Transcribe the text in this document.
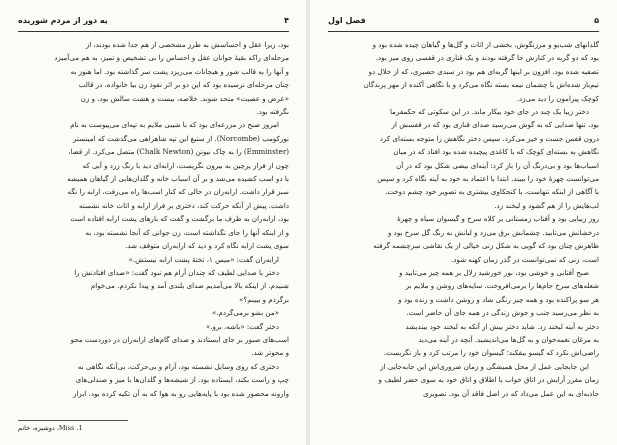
۴
یه دور از مردم شوریده
بود، زیرا عقل و احساسش به طرز مشخصی از هم جدا شده بودند، از
مرحله‌ای راکه بقیهٔ جوانان عقل و احساس را بی تشخیص و تمیز، به هم می‌آمیزد
و آنها را به قالب شور و هیجانات می‌ریزد پشت سر گذاشته بود. اما هنوز به
چنان مرحله‌ای نرسیده بود که این دو بر اثر نفوذ زن بیا خانواده، در قالب
«عرض و عصیت» متحد شوند. خلاصه، بیست و هشت سالش بود، و زن
نگرفته بود.
امروز صبح در مزرعه‌ای بود که با شیبی ملایم به تپه‌ای می‌پیوست به نام
نورکومب (Norcombe). از ستیغ این تپه شاهراهی می‌گذشت که امینستر
(Emminster) را به چاک نیوتن (Chalk Newton) متصل می‌کرد. از قضا،
چون از فراز پرچین به بیرون نگریست، ارابه‌ای دید با رنگ زرد و آبی که
با دو اسب کشیده می‌شد و بر آن اسباب خانه و گلدان‌هایی از گیاهان همیشه
سبز قرار داشت. ارابه‌ران در حالی که کنار اسب‌ها راه می‌رفت، ارابه را نگه
داشت. پیش از آنکه حرکت کند، دختری بر فراز ارابه و اثاث خانه نشسته
بود، ارابه‌ران به طرف ما برگشت و گفت که بارهای پشت ارابه افتاده است
و از اینکه آنها را جای نگذاشته است، زن جوانی که آنجا نشسته بود، به
سوی پشت ارابه نگاه کرد و دید که ارابه‌ران متوقف شد.
ارابه‌ران گفت: «میس‌ ۱، تختهٔ پشت ارابه نیستش.»
دختر با صدایی لطیف که چندان آرام هم نبود گفت: «صدای افتادنش را
شنیدم. از اینکه بالا می‌آمدیم صدای بلندی آمد و پیدا نکردم. می‌خوام
برگردم و ببینم؟»
«من بشو برمی‌گردم.»
دختر گفت: «باشه، برو.»
اسب‌های صبور بر جای ایستادند و صدای گام‌های ارابه‌ران در دوردست محو
و محوتر شد.
دختری که روی وسایل نشسته بود، آرام و بی‌حرکت، بی‌آنکه نگاهی به
چپ و راست بکند، ایستاده بود. از شیشه‌ها و گلدان‌ها با میز و صندلی‌های
وارونه محصور شده بود با پایه‌هایی رو به هوا که به آن تکیه کرده بود، ابزار
1. Miss، دوشیزه، خانم
۵
فصل اول
گلدانهای شب‌بو و مرزنگوش، بخشی از اثاث و گل‌ها و گیاهان چیده شده بود و
بود که دو گربه در کنارش جا گرفته بودند و یک قناری در قفسی روی میز بود.
تصفیه شده بود. افزون بر اینها گربه‌ای هم بود در سبدی حصیری، که از خلال دو
تیم‌باز شده‌اش با چشمان نیمه بسته نگاه می‌کرد و با نگاهی آکنده از مهر پرندگان
کوچک پیرامون را دید می‌زد.
دختر زیبا یک چند در جای خود بیکار ماند. در این سکوتی که حکمفرما
بود، تنها صدایی که به گوش می‌رسید صدای قناری بود که در قفسش از
درون قفس جست و خیز می‌کرد. سپس دختر نگاهش را متوجه بسته‌ای کرد
نگاهش به بسته‌ای کوچک که با کاغذی پیچیده شده بود افتاد که در میان
اسباب‌ها بود و بی‌درنگ آن را باز کرد: آینه‌ای بیضی شکل بود که در آن
می‌توانست چهرهٔ خود را ببیند. ابتدا با اعتماد به خود به آینه نگاه کرد و سپس
با آگاهی از اینکه تنهاست، با کنجکاوی بیشتری به تصویر خود چشم دوخت.
لب‌هایش را از هم گشود و لبخند زد.
روز زیبایی بود و آفتاب زمستانی بر کلاه سرخ و گیسوان سیاه و چهرهٔ
درخشانش می‌تابید. چشمانش برق می‌زد و لبانش به رنگ گل سرخ بود و
ظاهرش چنان بود که گویی به شکل زنی خیالی از یک نقاشی سرچشمه گرفته
است، زنی که نمی‌توانست در گذر زمان کهنه شود.
صبح آفتابی و خوشی بود، نور خورشید زلال بر همه چیز می‌تابید و
شعله‌های سرخ جام‌ها را برمی‌افروخت. سایه‌های روشن و ملایم بر
هر سو پراکنده بود و همه چیز رنگی شاد و روشن داشت و زنده بود و
به نظر می‌رسید جنب و جوش زندگی در همه جای آن حاضر است.
دختر به آینه لبخند زد. شاید دختر بیش از آنکه به لبخند خود بیندیشد
به مرغان نغمه‌خوان و به گل‌ها می‌اندیشید. آنچه در آینه می‌دید
راضی‌اش نکرد که گیسو بیفکند؛ گیسوان خود را مرتب کرد و باز نگریست.
این جابجایی عمل از محل همیشگی و زمان ضروری‌اش این جابه‌جایی از
زمان مقرر آرایش در اتاق خواب با اطلاق و اتاق خود به سوی حضر لطیف و
جاذبه‌ای به این عمل می‌داد که در اصل فاقد آن بود. تصویری
